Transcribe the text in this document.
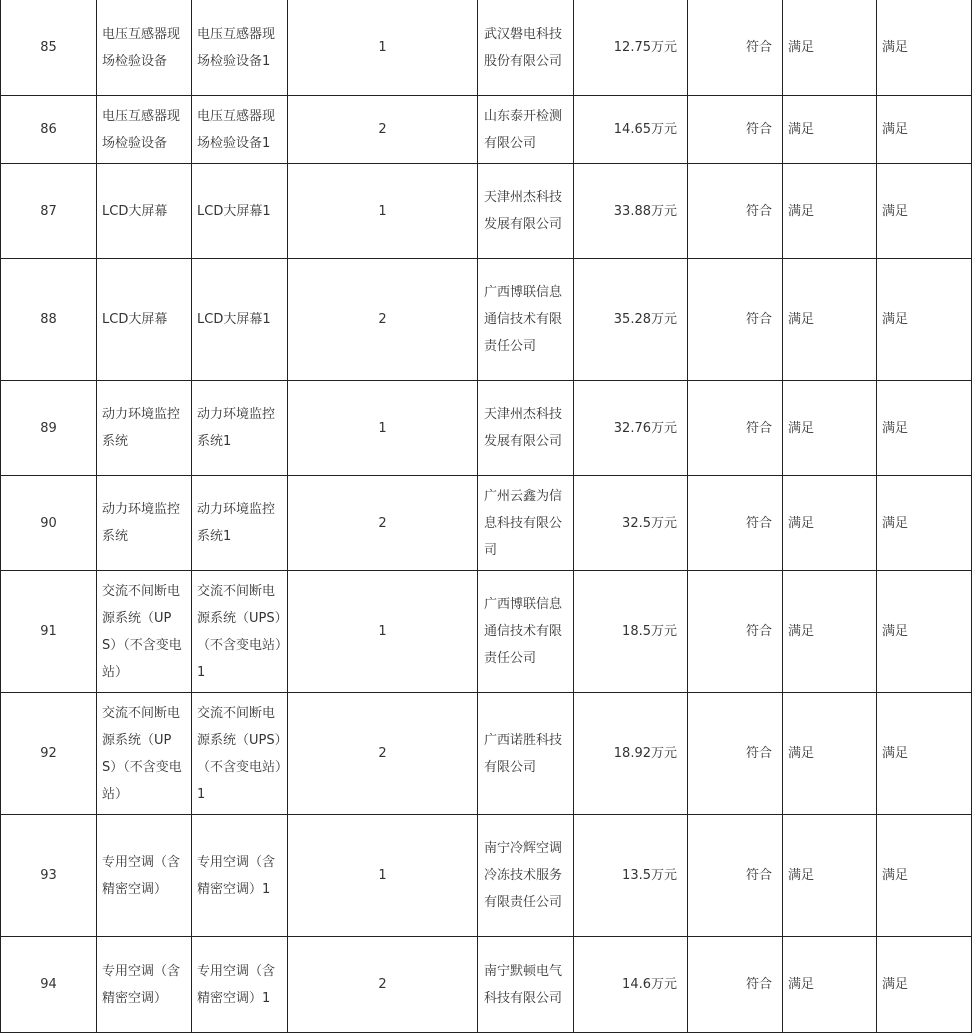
85	电压互感器现场检验设备	电压互感器现场检验设备1	1	武汉磐电科技股份有限公司	12.75万元	符合	满足	满足
86	电压互感器现场检验设备	电压互感器现场检验设备1	2	山东泰开检测有限公司	14.65万元	符合	满足	满足
87	LCD大屏幕	LCD大屏幕1	1	天津州杰科技发展有限公司	33.88万元	符合	满足	满足
88	LCD大屏幕	LCD大屏幕1	2	广西博联信息通信技术有限责任公司	35.28万元	符合	满足	满足
89	动力环境监控系统	动力环境监控系统1	1	天津州杰科技发展有限公司	32.76万元	符合	满足	满足
90	动力环境监控系统	动力环境监控系统1	2	广州云鑫为信息科技有限公司	32.5万元	符合	满足	满足
91	交流不间断电源系统（UPS）（不含变电站）	交流不间断电源系统（UPS）（不含变电站）1	1	广西博联信息通信技术有限责任公司	18.5万元	符合	满足	满足
92	交流不间断电源系统（UPS）（不含变电站）	交流不间断电源系统（UPS）（不含变电站）1	2	广西诺胜科技有限公司	18.92万元	符合	满足	满足
93	专用空调（含精密空调）	专用空调（含精密空调）1	1	南宁冷辉空调冷冻技术服务有限责任公司	13.5万元	符合	满足	满足
94	专用空调（含精密空调）	专用空调（含精密空调）1	2	南宁默顿电气科技有限公司	14.6万元	符合	满足	满足
